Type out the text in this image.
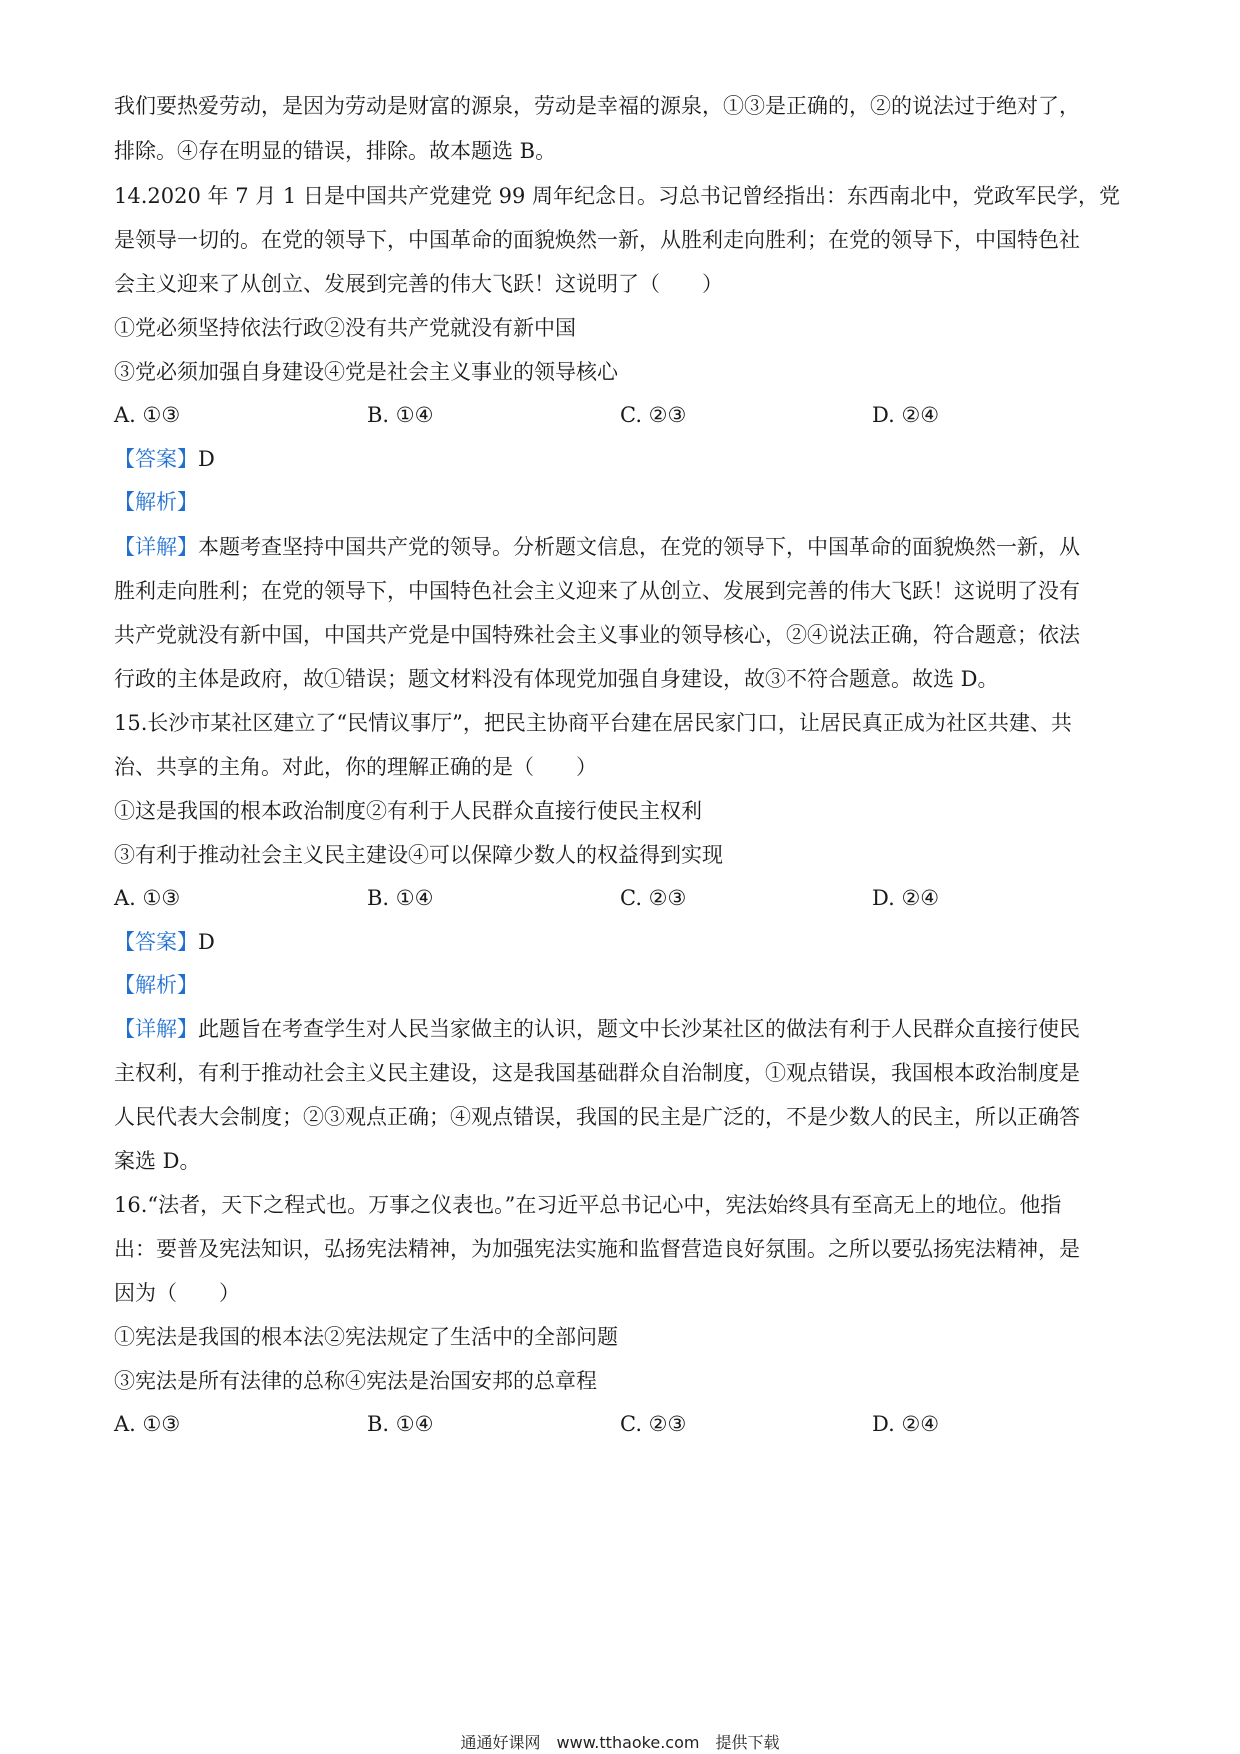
我们要热爱劳动，是因为劳动是财富的源泉，劳动是幸福的源泉，①③是正确的，②的说法过于绝对了，
排除。④存在明显的错误，排除。故本题选 B。
14.2020 年 7 月 1 日是中国共产党建党 99 周年纪念日。习总书记曾经指出：东西南北中，党政军民学，党
是领导一切的。在党的领导下，中国革命的面貌焕然一新，从胜利走向胜利；在党的领导下，中国特色社
会主义迎来了从创立、发展到完善的伟大飞跃！这说明了（　　）
①党必须坚持依法行政②没有共产党就没有新中国
③党必须加强自身建设④党是社会主义事业的领导核心
A. ①③	B. ①④	C. ②③	D. ②④
【答案】D
【解析】
【详解】本题考查坚持中国共产党的领导。分析题文信息，在党的领导下，中国革命的面貌焕然一新，从
胜利走向胜利；在党的领导下，中国特色社会主义迎来了从创立、发展到完善的伟大飞跃！这说明了没有
共产党就没有新中国，中国共产党是中国特殊社会主义事业的领导核心，②④说法正确，符合题意；依法
行政的主体是政府，故①错误；题文材料没有体现党加强自身建设，故③不符合题意。故选 D。
15.长沙市某社区建立了“民情议事厅”，把民主协商平台建在居民家门口，让居民真正成为社区共建、共
治、共享的主角。对此，你的理解正确的是（　　）
①这是我国的根本政治制度②有利于人民群众直接行使民主权利
③有利于推动社会主义民主建设④可以保障少数人的权益得到实现
A. ①③	B. ①④	C. ②③	D. ②④
【答案】D
【解析】
【详解】此题旨在考查学生对人民当家做主的认识，题文中长沙某社区的做法有利于人民群众直接行使民
主权利，有利于推动社会主义民主建设，这是我国基础群众自治制度，①观点错误，我国根本政治制度是
人民代表大会制度；②③观点正确；④观点错误，我国的民主是广泛的，不是少数人的民主，所以正确答
案选 D。
16.“法者，天下之程式也。万事之仪表也。”在习近平总书记心中，宪法始终具有至高无上的地位。他指
出：要普及宪法知识，弘扬宪法精神，为加强宪法实施和监督营造良好氛围。之所以要弘扬宪法精神，是
因为（　　）
①宪法是我国的根本法②宪法规定了生活中的全部问题
③宪法是所有法律的总称④宪法是治国安邦的总章程
A. ①③	B. ①④	C. ②③	D. ②④
通通好课网　www.tthaoke.com　提供下载
